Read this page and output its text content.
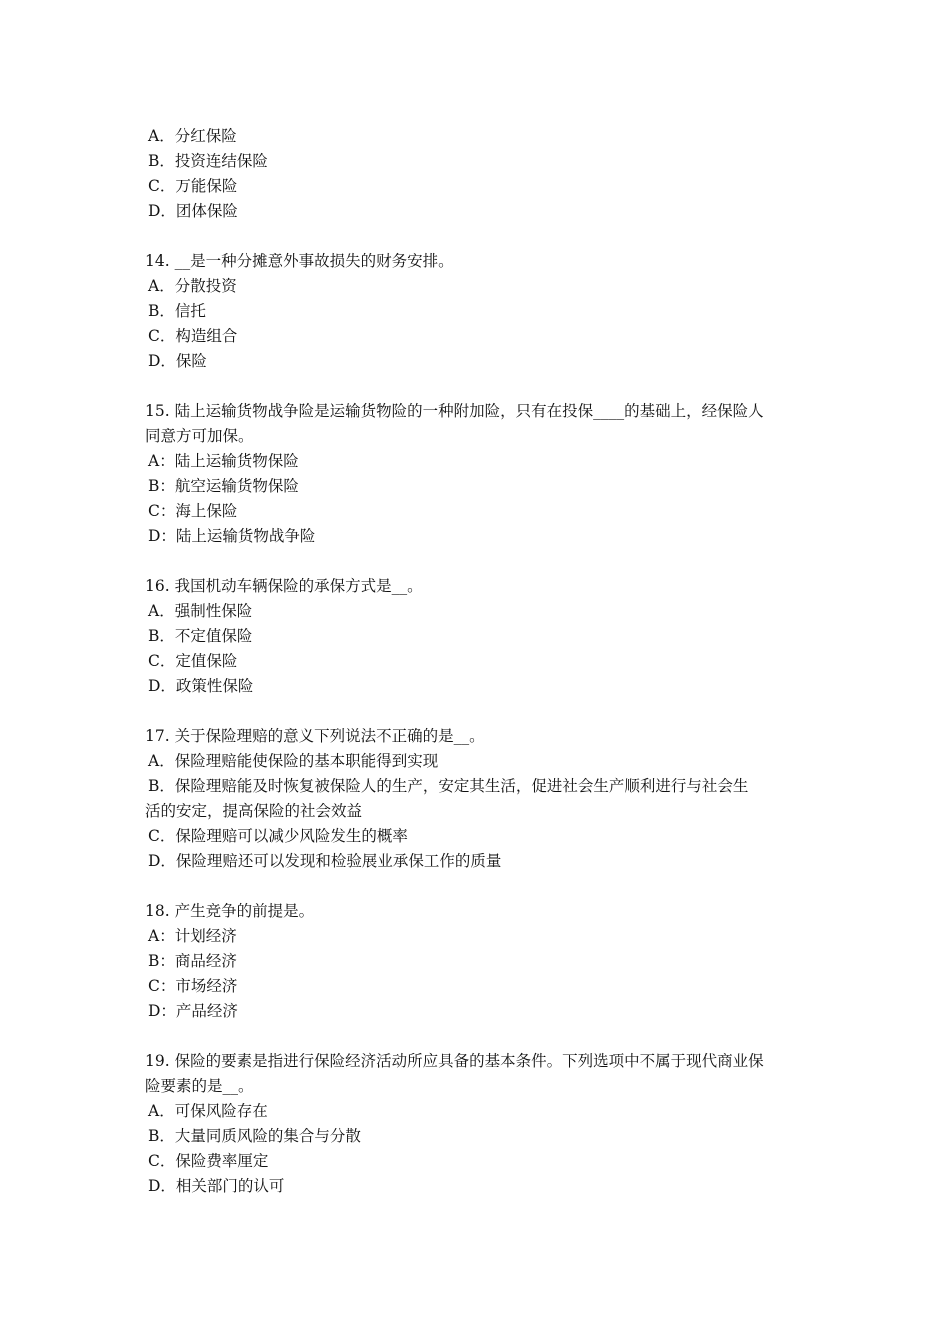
A．分红保险
B．投资连结保险
C．万能保险
D．团体保险
14. __是一种分摊意外事故损失的财务安排。
A．分散投资
B．信托
C．构造组合
D．保险
15. 陆上运输货物战争险是运输货物险的一种附加险，只有在投保____的基础上，经保险人
同意方可加保。
A：陆上运输货物保险
B：航空运输货物保险
C：海上保险
D：陆上运输货物战争险
16. 我国机动车辆保险的承保方式是__。
A．强制性保险
B．不定值保险
C．定值保险
D．政策性保险
17. 关于保险理赔的意义下列说法不正确的是__。
A．保险理赔能使保险的基本职能得到实现
B．保险理赔能及时恢复被保险人的生产，安定其生活，促进社会生产顺利进行与社会生
活的安定，提高保险的社会效益
C．保险理赔可以减少风险发生的概率
D．保险理赔还可以发现和检验展业承保工作的质量
18. 产生竞争的前提是。
A：计划经济
B：商品经济
C：市场经济
D：产品经济
19. 保险的要素是指进行保险经济活动所应具备的基本条件。下列选项中不属于现代商业保
险要素的是__。
A．可保风险存在
B．大量同质风险的集合与分散
C．保险费率厘定
D．相关部门的认可
